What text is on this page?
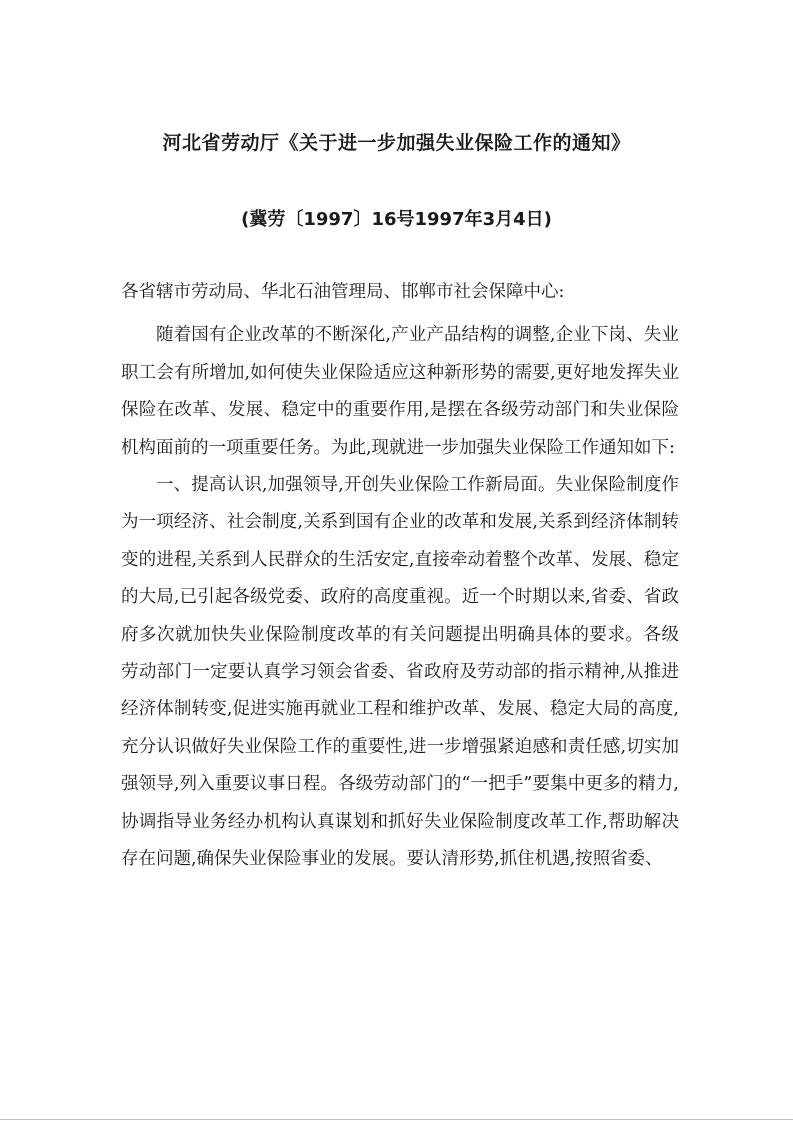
河北省劳动厅《关于进一步加强失业保险工作的通知》
(冀劳〔1997〕16号1997年3月4日)

各省辖市劳动局、华北石油管理局、邯郸市社会保障中心:

随着国有企业改革的不断深化,产业产品结构的调整,企业下岗、失业职工会有所增加,如何使失业保险适应这种新形势的需要,更好地发挥失业保险在改革、发展、稳定中的重要作用,是摆在各级劳动部门和失业保险机构面前的一项重要任务。为此,现就进一步加强失业保险工作通知如下:

一、提高认识,加强领导,开创失业保险工作新局面。失业保险制度作为一项经济、社会制度,关系到国有企业的改革和发展,关系到经济体制转变的进程,关系到人民群众的生活安定,直接牵动着整个改革、发展、稳定的大局,已引起各级党委、政府的高度重视。近一个时期以来,省委、省政府多次就加快失业保险制度改革的有关问题提出明确具体的要求。各级劳动部门一定要认真学习领会省委、省政府及劳动部的指示精神,从推进经济体制转变,促进实施再就业工程和维护改革、发展、稳定大局的高度,充分认识做好失业保险工作的重要性,进一步增强紧迫感和责任感,切实加强领导,列入重要议事日程。各级劳动部门的“一把手”要集中更多的精力,协调指导业务经办机构认真谋划和抓好失业保险制度改革工作,帮助解决存在问题,确保失业保险事业的发展。要认清形势,抓住机遇,按照省委、
